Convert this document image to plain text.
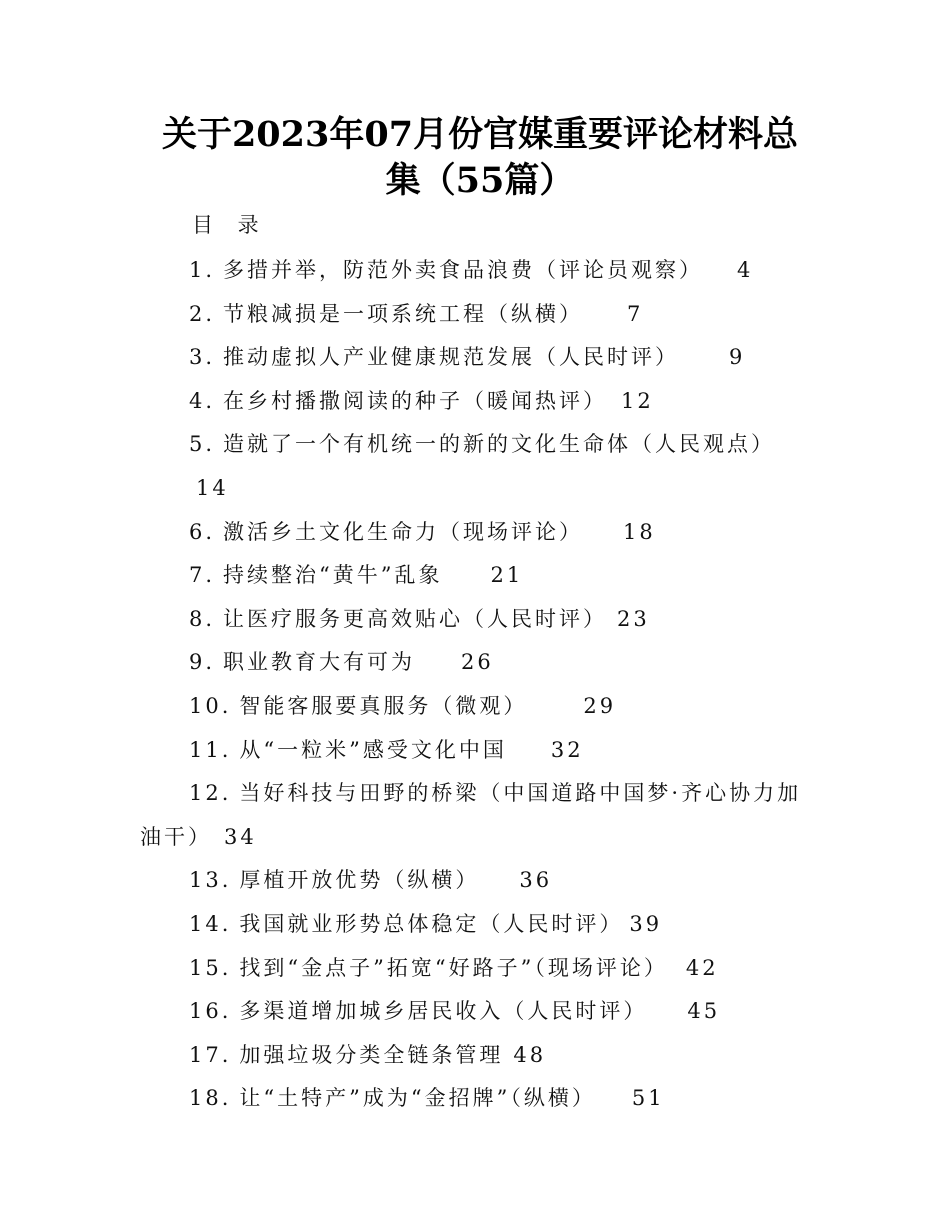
关于2023年07月份官媒重要评论材料总
集（55篇）

目 录

1. 多措并举，防范外卖食品浪费（评论员观察） 4
2. 节粮减损是一项系统工程（纵横） 7
3. 推动虚拟人产业健康规范发展（人民时评） 9
4. 在乡村播撒阅读的种子（暖闻热评） 12
5. 造就了一个有机统一的新的文化生命体（人民观点）
14
6. 激活乡土文化生命力（现场评论） 18
7. 持续整治“黄牛”乱象 21
8. 让医疗服务更高效贴心（人民时评） 23
9. 职业教育大有可为 26
10. 智能客服要真服务（微观）	29
11. 从“一粒米”感受文化中国 32
12. 当好科技与田野的桥梁（中国道路中国梦·齐心协力加油干） 34
13. 厚植开放优势（纵横） 36
14. 我国就业形势总体稳定（人民时评） 39
15. 找到“金点子”拓宽“好路子”（现场评论） 42
16. 多渠道增加城乡居民收入（人民时评） 45
17. 加强垃圾分类全链条管理 48
18. 让“土特产”成为“金招牌”（纵横） 51
